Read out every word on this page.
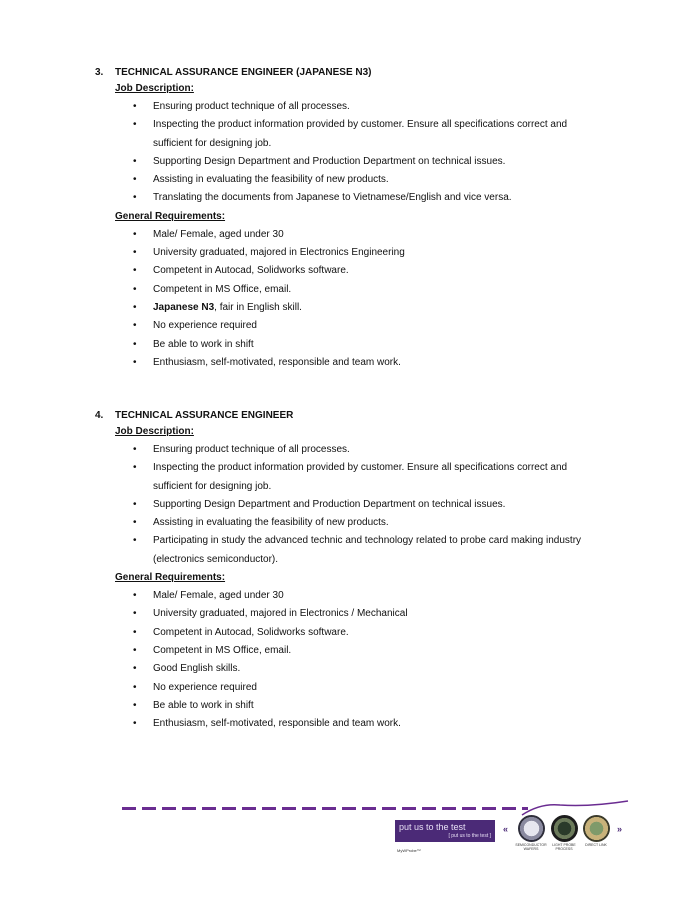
3. TECHNICAL ASSURANCE ENGINEER (JAPANESE N3)
Job Description:
• Ensuring product technique of all processes.
• Inspecting the product information provided by customer. Ensure all specifications correct and sufficient for designing job.
• Supporting Design Department and Production Department on technical issues.
• Assisting in evaluating the feasibility of new products.
• Translating the documents from Japanese to Vietnamese/English and vice versa.
General Requirements:
• Male/ Female, aged under 30
• University graduated, majored in Electronics Engineering
• Competent in Autocad, Solidworks software.
• Competent in MS Office, email.
• Japanese N3, fair in English skill.
• No experience required
• Be able to work in shift
• Enthusiasm, self-motivated, responsible and team work.
4. TECHNICAL ASSURANCE ENGINEER
Job Description:
• Ensuring product technique of all processes.
• Inspecting the product information provided by customer. Ensure all specifications correct and sufficient for designing job.
• Supporting Design Department and Production Department on technical issues.
• Assisting in evaluating the feasibility of new products.
• Participating in study the advanced technic and technology related to probe card making industry (electronics semiconductor).
General Requirements:
• Male/ Female, aged under 30
• University graduated, majored in Electronics / Mechanical
• Competent in Autocad, Solidworks software.
• Competent in MS Office, email.
• Good English skills.
• No experience required
• Be able to work in shift
• Enthusiasm, self-motivated, responsible and team work.
put us to the test
[ put us to the test ]
«
SEMICONDUCTOR WAFERS
LIGHT PROBE PROCESS
DIRECT LINK
»
MyWProbe™
